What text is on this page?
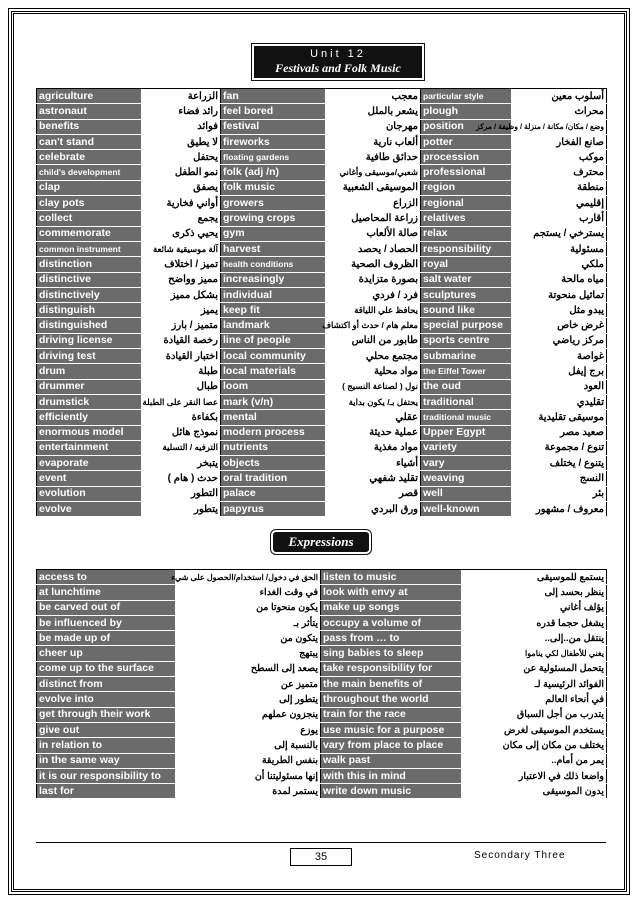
Unit 12
Festivals and Folk Music
agriculture	الزراعة	fan	معجب	particular style	أسلوب معين
astronaut	رائد فضاء	feel bored	يشعر بالملل	plough	محراث
benefits	فوائد	festival	مهرجان	position	وضع / مكان/ مكانة / منزلة / وظيفة / مركز
can't stand	لا يطيق	fireworks	ألعاب نارية	potter	صانع الفخار
celebrate	يحتفل	floating gardens	حدائق طافية	procession	موكب
child's development	نمو الطفل	folk (adj /n)	شعبي/موسيقى وأغاني	professional	محترف
clap	يصفق	folk music	الموسيقى الشعبية	region	منطقة
clay pots	أواني فخارية	growers	الزراع	regional	إقليمي
collect	يجمع	growing crops	زراعة المحاصيل	relatives	أقارب
commemorate	يحيي ذكرى	gym	صالة الألعاب	relax	يسترخي / يستجم
common instrument	آلة موسيقية شائعة	harvest	الحصاد / يحصد	responsibility	مسئولية
distinction	تميز / اختلاف	health conditions	الظروف الصحية	royal	ملكي
distinctive	مميز وواضح	increasingly	بصورة متزايدة	salt water	مياه مالحة
distinctively	بشكل مميز	individual	فرد / فردي	sculptures	تماثيل منحوتة
distinguish	يميز	keep fit	يحافظ علي اللياقة	sound like	يبدو مثل
distinguished	متميز / بارز	landmark	معلم هام / حدث أو اكتشاف	special purpose	غرض خاص
driving license	رخصة القيادة	line of people	طابور من الناس	sports centre	مركز رياضي
driving test	اختبار القيادة	local community	مجتمع محلي	submarine	غواصة
drum	طبلة	local materials	مواد محلية	the Eiffel Tower	برج إيفل
drummer	طبال	loom	نول ( لصناعة النسيج )	the oud	العود
drumstick	عصا النقر على الطبلة	mark (v/n)	يحتفل بـ/ يكون بداية	traditional	تقليدي
efficiently	بكفاءة	mental	عقلي	traditional music	موسيقى تقليدية
enormous model	نموذج هائل	modern process	عملية حديثة	Upper Egypt	صعيد مصر
entertainment	الترفيه / التسلية	nutrients	مواد مغذية	variety	تنوع / مجموعة
evaporate	يتبخر	objects	أشياء	vary	يتنوع / يختلف
event	حدث ( هام )	oral tradition	تقليد شفهي	weaving	النسج
evolution	التطور	palace	قصر	well	بئر
evolve	يتطور	papyrus	ورق البردي	well-known	معروف / مشهور
Expressions
access to	الحق في دخول/ استخدام/الحصول على شيء	listen to music	يستمع للموسيقى
at lunchtime	في وقت الغداء	look with envy at	ينظر بحسد إلى
be carved out of	يكون منحوتا من	make up songs	يؤلف أغاني
be influenced by	يتأثر بـ	occupy a volume of	يشغل حجما قدره
be made up of	يتكون من	pass from … to	ينتقل من..إلى..
cheer up	يبتهج	sing babies to sleep	يغني للأطفال لكي يناموا
come up to the surface	يصعد إلى السطح	take responsibility for	يتحمل المسئولية عن
distinct from	متميز عن	the main benefits of	الفوائد الرئيسية لـ
evolve into	يتطور إلى	throughout the world	في أنحاء العالم
get through their work	ينجزون عملهم	train for the race	يتدرب من أجل السباق
give out	يوزع	use music for a purpose	يستخدم الموسيقى لغرض
in relation to	بالنسبة إلى	vary from place to place	يختلف من مكان إلى مكان
in the same way	بنفس الطريقة	walk past	يمر من أمام..
it is our responsibility to	إنها مسئوليتنا أن	with this in mind	واضعا ذلك في الاعتبار
last for	يستمر لمدة	write down music	يدون الموسيقى
35	Secondary Three
